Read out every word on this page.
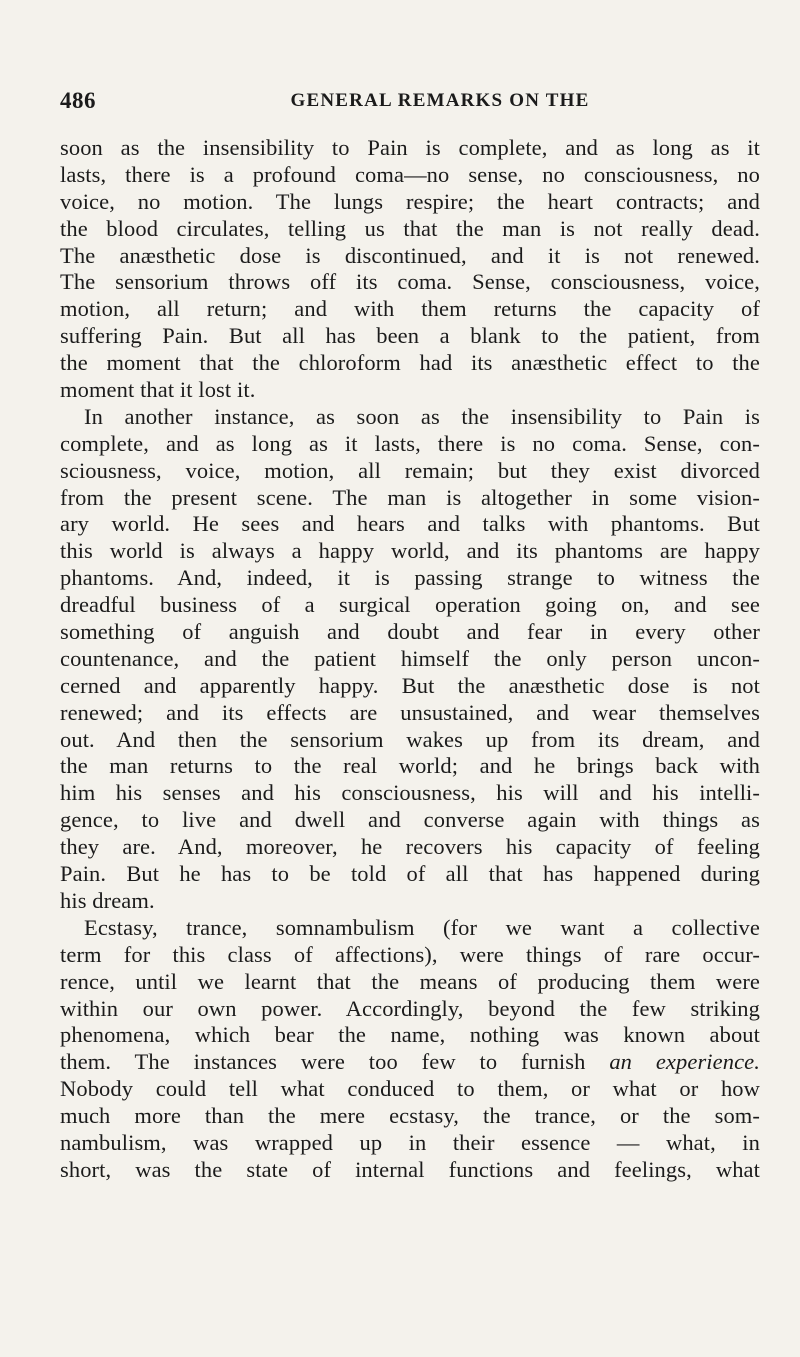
486	GENERAL REMARKS ON THE
soon as the insensibility to Pain is complete, and as long as it
lasts, there is a profound coma—no sense, no consciousness, no
voice, no motion. The lungs respire; the heart contracts; and
the blood circulates, telling us that the man is not really dead.
The anæsthetic dose is discontinued, and it is not renewed.
The sensorium throws off its coma. Sense, consciousness, voice,
motion, all return; and with them returns the capacity of
suffering Pain. But all has been a blank to the patient, from
the moment that the chloroform had its anæsthetic effect to the
moment that it lost it.
In another instance, as soon as the insensibility to Pain is
complete, and as long as it lasts, there is no coma. Sense, con-
sciousness, voice, motion, all remain; but they exist divorced
from the present scene. The man is altogether in some vision-
ary world. He sees and hears and talks with phantoms. But
this world is always a happy world, and its phantoms are happy
phantoms. And, indeed, it is passing strange to witness the
dreadful business of a surgical operation going on, and see
something of anguish and doubt and fear in every other
countenance, and the patient himself the only person uncon-
cerned and apparently happy. But the anæsthetic dose is not
renewed; and its effects are unsustained, and wear themselves
out. And then the sensorium wakes up from its dream, and
the man returns to the real world; and he brings back with
him his senses and his consciousness, his will and his intelli-
gence, to live and dwell and converse again with things as
they are. And, moreover, he recovers his capacity of feeling
Pain. But he has to be told of all that has happened during
his dream.
Ecstasy, trance, somnambulism (for we want a collective
term for this class of affections), were things of rare occur-
rence, until we learnt that the means of producing them were
within our own power. Accordingly, beyond the few striking
phenomena, which bear the name, nothing was known about
them. The instances were too few to furnish an experience.
Nobody could tell what conduced to them, or what or how
much more than the mere ecstasy, the trance, or the som-
nambulism, was wrapped up in their essence — what, in
short, was the state of internal functions and feelings, what
